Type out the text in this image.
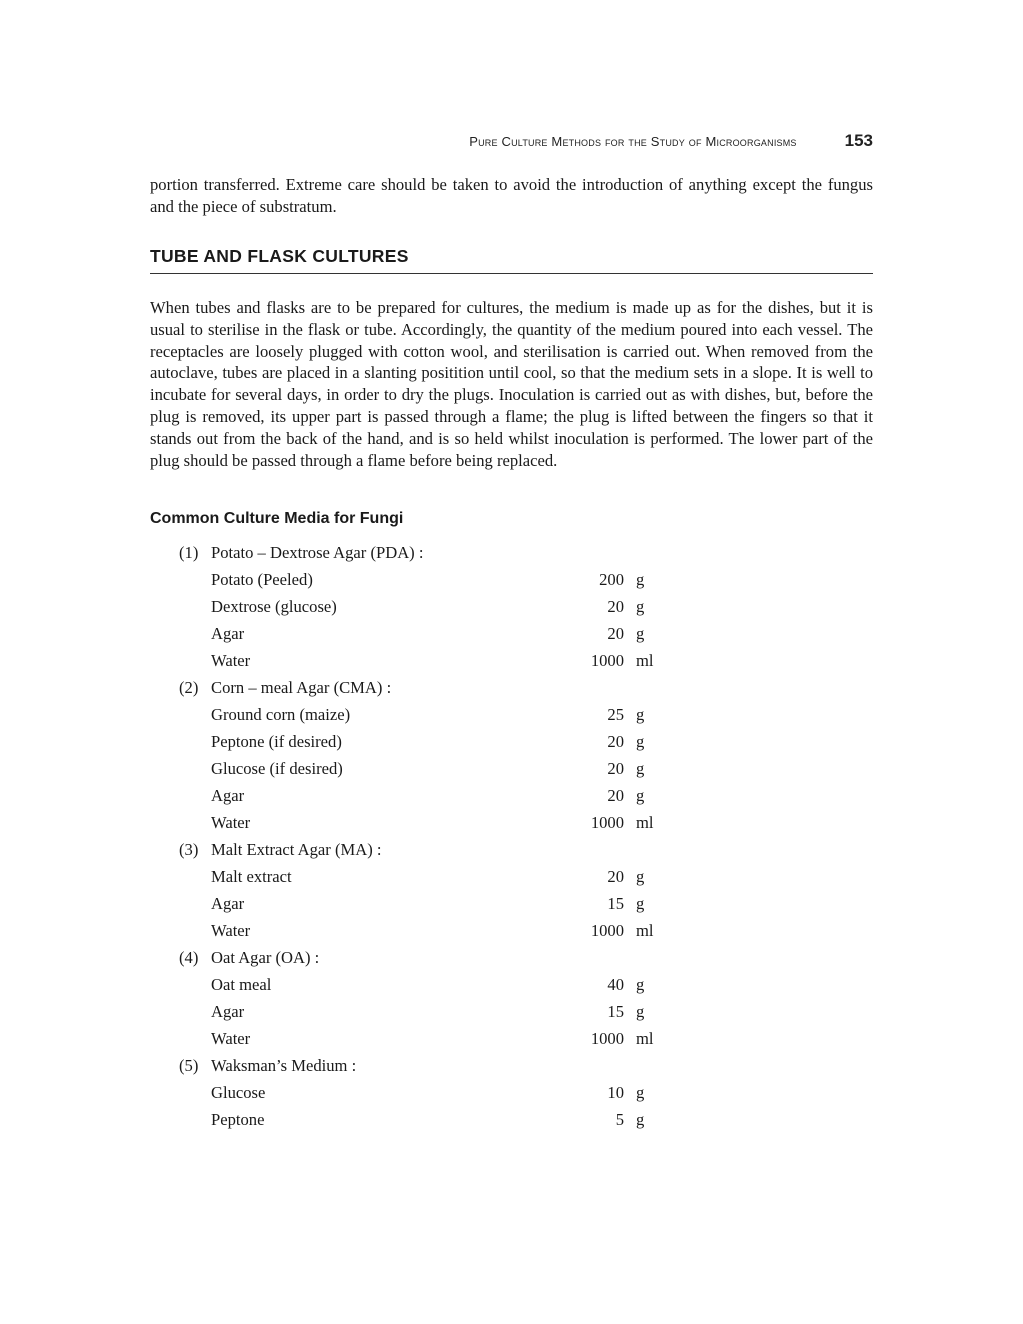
Pure Culture Methods for the Study of Microorganisms	153

portion transferred. Extreme care should be taken to avoid the introduction of anything except the fungus and the piece of substratum.

TUBE AND FLASK CULTURES

When tubes and flasks are to be prepared for cultures, the medium is made up as for the dishes, but it is usual to sterilise in the flask or tube. Accordingly, the quantity of the medium poured into each vessel. The receptacles are loosely plugged with cotton wool, and sterilisation is carried out. When removed from the autoclave, tubes are placed in a slanting positition until cool, so that the medium sets in a slope. It is well to incubate for several days, in order to dry the plugs. Inoculation is carried out as with dishes, but, before the plug is removed, its upper part is passed through a flame; the plug is lifted between the fingers so that it stands out from the back of the hand, and is so held whilst inoculation is performed. The lower part of the plug should be passed through a flame before being replaced.

Common Culture Media for Fungi
(1) Potato – Dextrose Agar (PDA) :
Potato (Peeled)	200 g
Dextrose (glucose)	20 g
Agar	20 g
Water	1000 ml
(2) Corn – meal Agar (CMA) :
Ground corn (maize)	25 g
Peptone (if desired)	20 g
Glucose (if desired)	20 g
Agar	20 g
Water	1000 ml
(3) Malt Extract Agar (MA) :
Malt extract	20 g
Agar	15 g
Water	1000 ml
(4) Oat Agar (OA) :
Oat meal	40 g
Agar	15 g
Water	1000 ml
(5) Waksman’s Medium :
Glucose	10 g
Peptone	5 g
